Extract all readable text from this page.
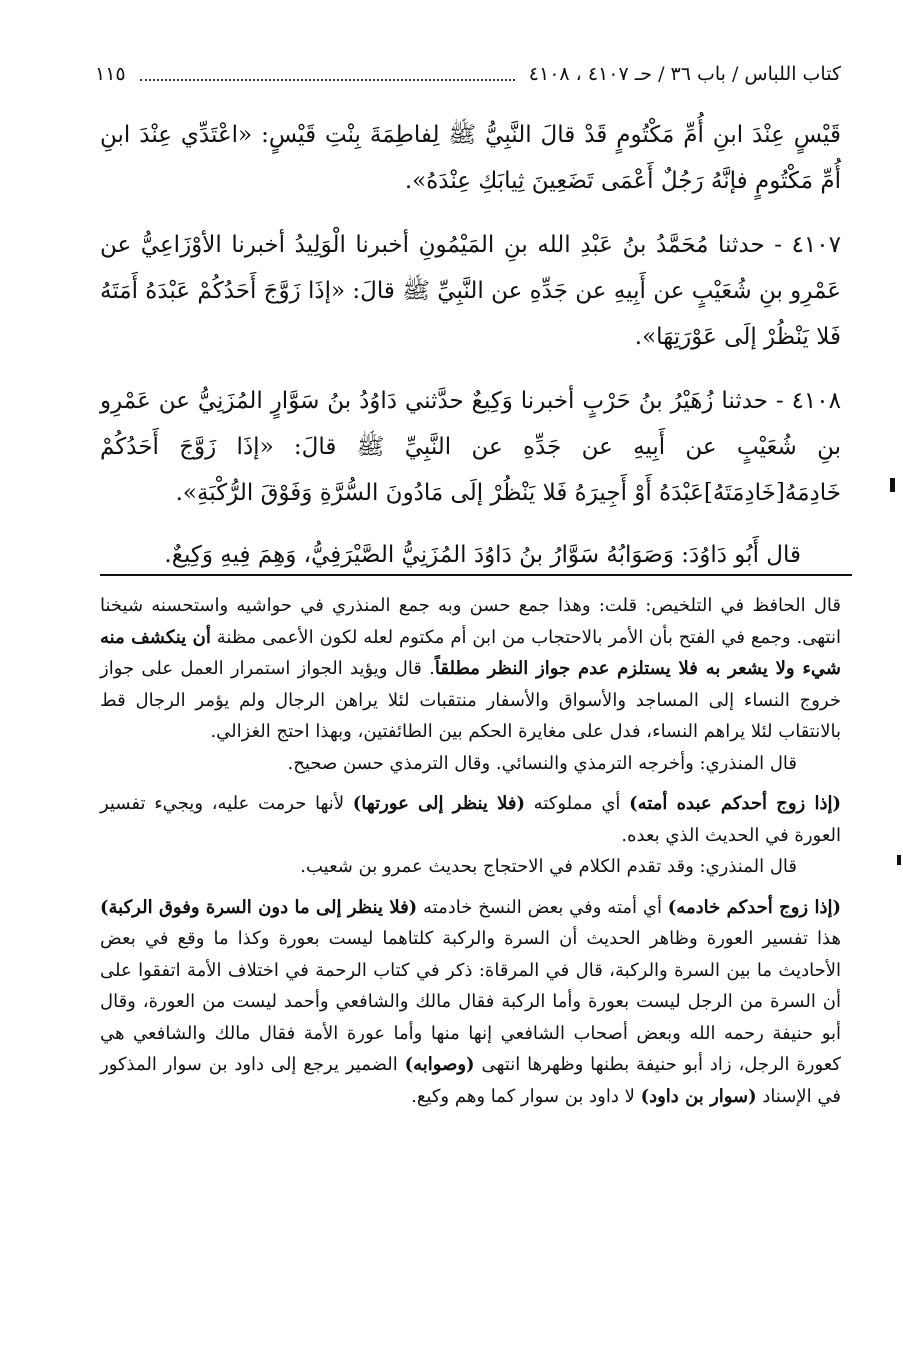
كتاب اللباس / باب ٣٦ / حـ ٤١٠٧ ، ٤١٠٨
١١٥

قَيْسٍ عِنْدَ ابنِ أُمِّ مَكْتُومٍ قَدْ قالَ النَّبِيُّ ﷺ لِفاطِمَةَ بِنْتِ قَيْسٍ: «اعْتَدِّي عِنْدَ ابنِ أُمِّ مَكْتُومٍ فإنَّهُ رَجُلٌ أَعْمَى تَضَعِينَ ثِيابَكِ عِنْدَهُ».

٤١٠٧ - حدثنا مُحَمَّدُ بنُ عَبْدِ الله بنِ المَيْمُونِ أخبرنا الْوَلِيدُ أخبرنا الأوْزَاعِيُّ عن عَمْرِو بنِ شُعَيْبٍ عن أَبِيهِ عن جَدِّهِ عن النَّبِيِّ ﷺ قالَ: «إذَا زَوَّجَ أَحَدُكُمْ عَبْدَهُ أَمَتَهُ فَلا يَنْظُرْ إلَى عَوْرَتِهَا».

٤١٠٨ - حدثنا زُهَيْرُ بنُ حَرْبٍ أخبرنا وَكِيعٌ حدَّثني دَاوُدُ بنُ سَوَّارٍ المُزَنِيُّ عن عَمْرِو بنِ شُعَيْبٍ عن أَبِيهِ عن جَدِّهِ عن النَّبِيِّ ﷺ قالَ: «إذَا زَوَّجَ أَحَدُكُمْ خَادِمَهُ[خَادِمَتَهُ]عَبْدَهُ أَوْ أَجِيرَهُ فَلا يَنْظُرْ إلَى مَادُونَ السُّرَّةِ وَفَوْقَ الرُّكْبَةِ».

قال أَبُو دَاوُدَ: وَصَوَابُهُ سَوَّارُ بنُ دَاوُدَ المُزَنِيُّ الصَّيْرَفِيُّ، وَهِمَ فِيهِ وَكِيعٌ.

قال الحافظ في التلخيص: قلت: وهذا جمع حسن وبه جمع المنذري في حواشيه واستحسنه شيخنا انتهى. وجمع في الفتح بأن الأمر بالاحتجاب من ابن أم مكتوم لعله لكون الأعمى مظنة أن ينكشف منه شيء ولا يشعر به فلا يستلزم عدم جواز النظر مطلقاً. قال ويؤيد الجواز استمرار العمل على جواز خروج النساء إلى المساجد والأسواق والأسفار منتقبات لئلا يراهن الرجال ولم يؤمر الرجال قط بالانتقاب لئلا يراهم النساء، فدل على مغايرة الحكم بين الطائفتين، وبهذا احتج الغزالي.

قال المنذري: وأخرجه الترمذي والنسائي. وقال الترمذي حسن صحيح.

(إذا زوج أحدكم عبده أمته) أي مملوكته (فلا ينظر إلى عورتها) لأنها حرمت عليه، ويجيء تفسير العورة في الحديث الذي بعده.

قال المنذري: وقد تقدم الكلام في الاحتجاج بحديث عمرو بن شعيب.

(إذا زوج أحدكم خادمه) أي أمته وفي بعض النسخ خادمته (فلا ينظر إلى ما دون السرة وفوق الركبة) هذا تفسير العورة وظاهر الحديث أن السرة والركبة كلتاهما ليست بعورة وكذا ما وقع في بعض الأحاديث ما بين السرة والركبة، قال في المرقاة: ذكر في كتاب الرحمة في اختلاف الأمة اتفقوا على أن السرة من الرجل ليست بعورة وأما الركبة فقال مالك والشافعي وأحمد ليست من العورة، وقال أبو حنيفة رحمه الله وبعض أصحاب الشافعي إنها منها وأما عورة الأمة فقال مالك والشافعي هي كعورة الرجل، زاد أبو حنيفة بطنها وظهرها انتهى (وصوابه) الضمير يرجع إلى داود بن سوار المذكور في الإسناد (سوار بن داود) لا داود بن سوار كما وهم وكيع.
